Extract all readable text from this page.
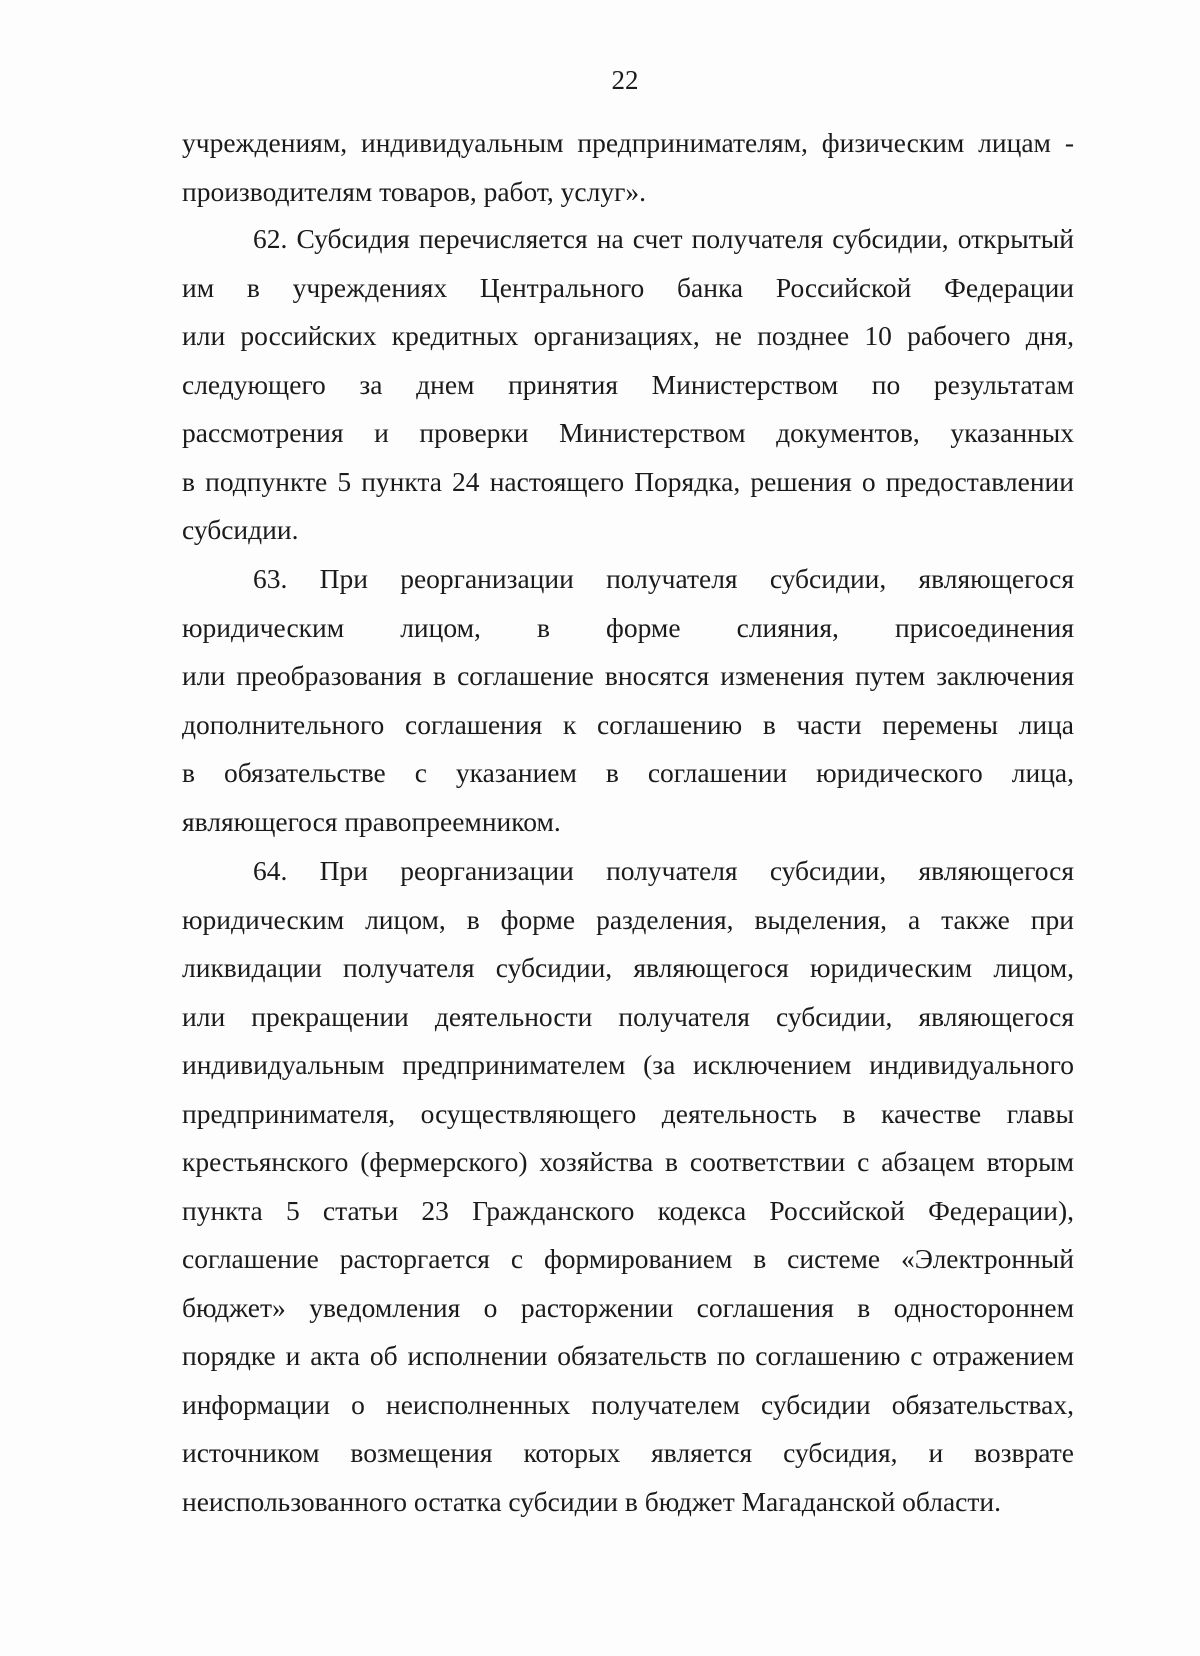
22
учреждениям, индивидуальным предпринимателям, физическим лицам -
производителям товаров, работ, услуг».
62. Субсидия перечисляется на счет получателя субсидии, открытый
им в учреждениях Центрального банка Российской Федерации
или российских кредитных организациях, не позднее 10 рабочего дня,
следующего за днем принятия Министерством по результатам
рассмотрения и проверки Министерством документов, указанных
в подпункте 5 пункта 24 настоящего Порядка, решения о предоставлении
субсидии.
63. При реорганизации получателя субсидии, являющегося
юридическим лицом, в форме слияния, присоединения
или преобразования в соглашение вносятся изменения путем заключения
дополнительного соглашения к соглашению в части перемены лица
в обязательстве с указанием в соглашении юридического лица,
являющегося правопреемником.
64. При реорганизации получателя субсидии, являющегося
юридическим лицом, в форме разделения, выделения, а также при
ликвидации получателя субсидии, являющегося юридическим лицом,
или прекращении деятельности получателя субсидии, являющегося
индивидуальным предпринимателем (за исключением индивидуального
предпринимателя, осуществляющего деятельность в качестве главы
крестьянского (фермерского) хозяйства в соответствии с абзацем вторым
пункта 5 статьи 23 Гражданского кодекса Российской Федерации),
соглашение расторгается с формированием в системе «Электронный
бюджет» уведомления о расторжении соглашения в одностороннем
порядке и акта об исполнении обязательств по соглашению с отражением
информации о неисполненных получателем субсидии обязательствах,
источником возмещения которых является субсидия, и возврате
неиспользованного остатка субсидии в бюджет Магаданской области.
